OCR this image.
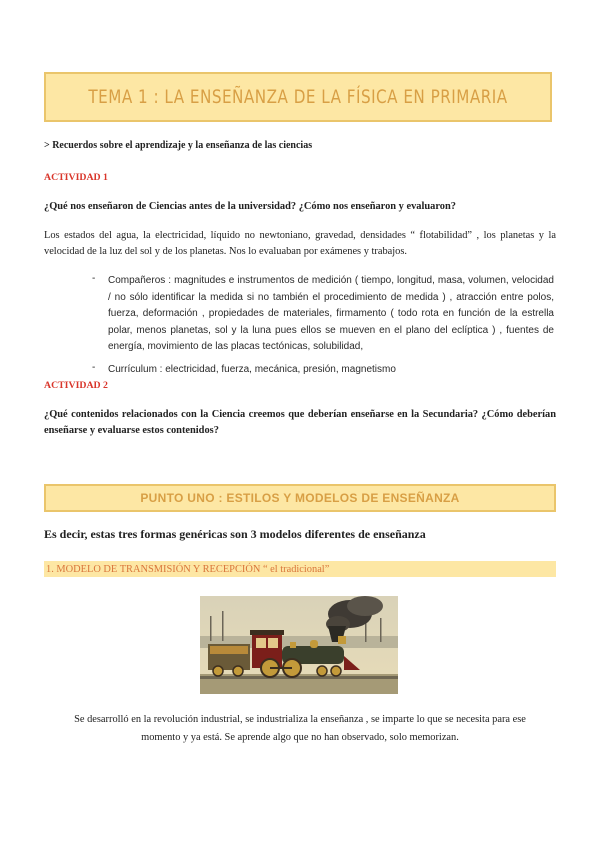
TEMA 1 : LA ENSEÑANZA DE LA FÍSICA EN PRIMARIA
> Recuerdos sobre el aprendizaje y la enseñanza de las ciencias
ACTIVIDAD 1
¿Qué nos enseñaron de Ciencias antes de la universidad? ¿Cómo nos enseñaron y evaluaron?
Los estados del agua, la electricidad, líquido no newtoniano, gravedad, densidades “ flotabilidad” , los planetas y la velocidad de la luz del sol y de los planetas. Nos lo evaluaban por exámenes y trabajos.
- Compañeros : magnitudes e instrumentos de medición ( tiempo, longitud, masa, volumen, velocidad / no sólo identificar la medida si no también el procedimiento de medida ) , atracción entre polos, fuerza, deformación , propiedades de materiales, firmamento ( todo rota en función de la estrella polar, menos planetas, sol y la luna pues ellos se mueven en el plano del eclíptica ) , fuentes de energía, movimiento de las placas tectónicas, solubilidad,
- Currículum : electricidad, fuerza, mecánica, presión, magnetismo
ACTIVIDAD 2
¿Qué contenidos relacionados con la Ciencia creemos que deberían enseñarse en la Secundaria? ¿Cómo deberían enseñarse y evaluarse estos contenidos?
PUNTO UNO : ESTILOS Y MODELOS DE ENSEÑANZA
Es decir, estas tres formas genéricas son 3 modelos diferentes de enseñanza
1. MODELO DE TRANSMISIÓN Y RECEPCIÓN “ el tradicional”
Se desarrolló en la revolución industrial, se industrializa la enseñanza , se imparte lo que se necesita para ese
momento y ya está. Se aprende algo que no han observado, solo memorizan.
